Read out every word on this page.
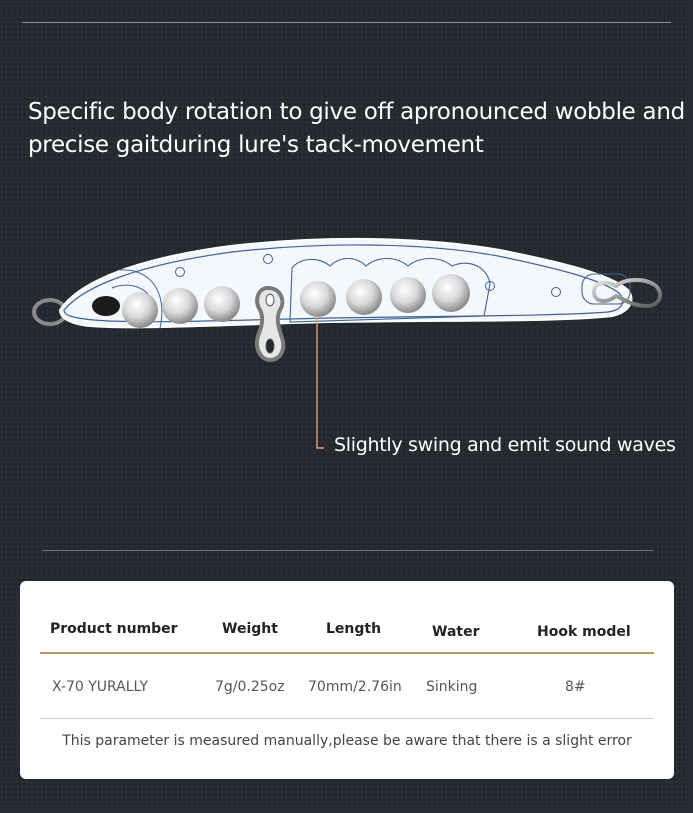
Specific body rotation to give off apronounced wobble and
precise gaitduring lure's tack-movement
Slightly swing and emit sound waves
Product number	Weight	Length	Water	Hook model
X-70 YURALLY	7g/0.25oz 70mm/2.76in Sinking	8#
This parameter is measured manually,please be aware that there is a slight error
